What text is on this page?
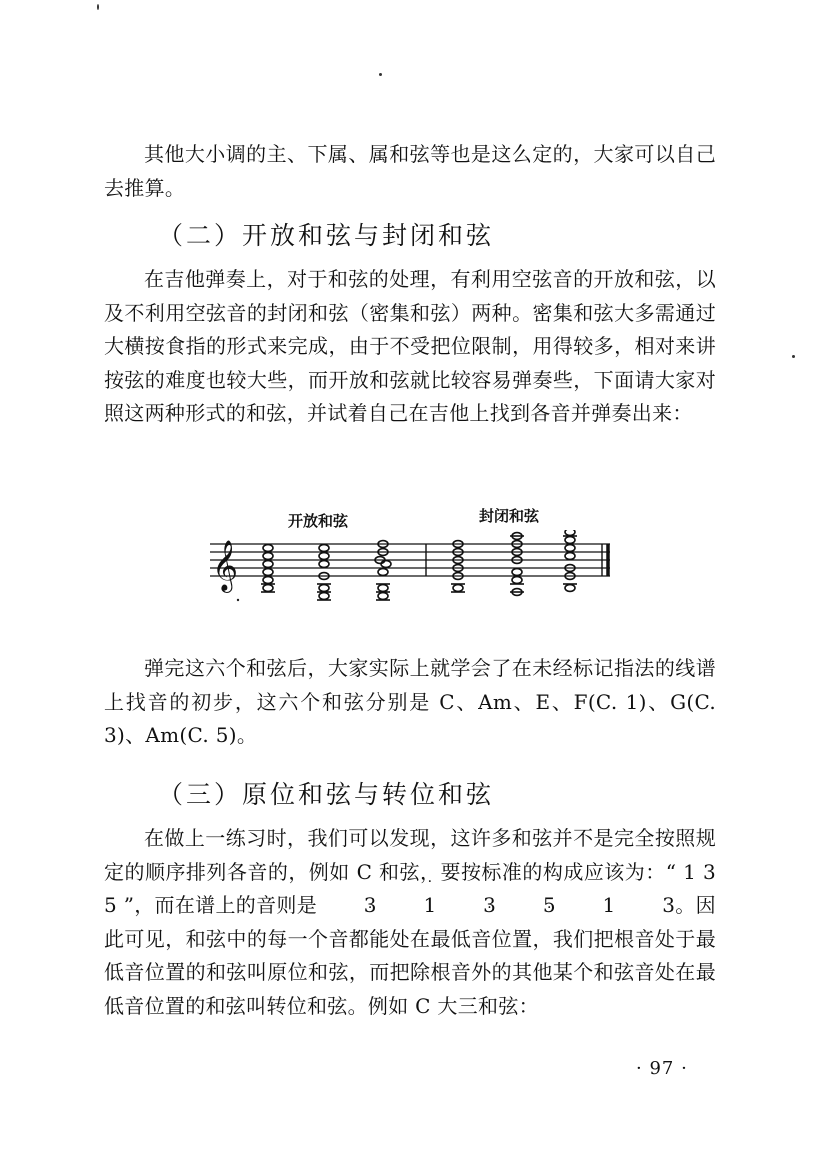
其他大小调的主、下属、属和弦等也是这么定的，大家可以自己去推算。

（二）开放和弦与封闭和弦

在吉他弹奏上，对于和弦的处理，有利用空弦音的开放和弦，以及不利用空弦音的封闭和弦（密集和弦）两种。密集和弦大多需通过大横按食指的形式来完成，由于不受把位限制，用得较多，相对来讲按弦的难度也较大些，而开放和弦就比较容易弹奏些，下面请大家对照这两种形式的和弦，并试着自己在吉他上找到各音并弹奏出来：

开放和弦	封闭和弦
𝄞

弹完这六个和弦后，大家实际上就学会了在未经标记指法的线谱上找音的初步，这六个和弦分别是 C、Am、E、F(C. 1)、G(C. 3)、Am(C. 5)。

（三）原位和弦与转位和弦

在做上一练习时，我们可以发现，这许多和弦并不是完全按照规定的顺序排列各音的，例如 C 和弦，要按标准的构成应该为：“ 1 3 5 ”，而在谱上的音则是 3 · · 1 3 · 5 · 1 3。因此可见，和弦中的每一个音都能处在最低音位置，我们把根音处于最低音位置的和弦叫原位和弦，而把除根音外的其他某个和弦音处在最低音位置的和弦叫转位和弦。例如 C 大三和弦：

· 97 ·
